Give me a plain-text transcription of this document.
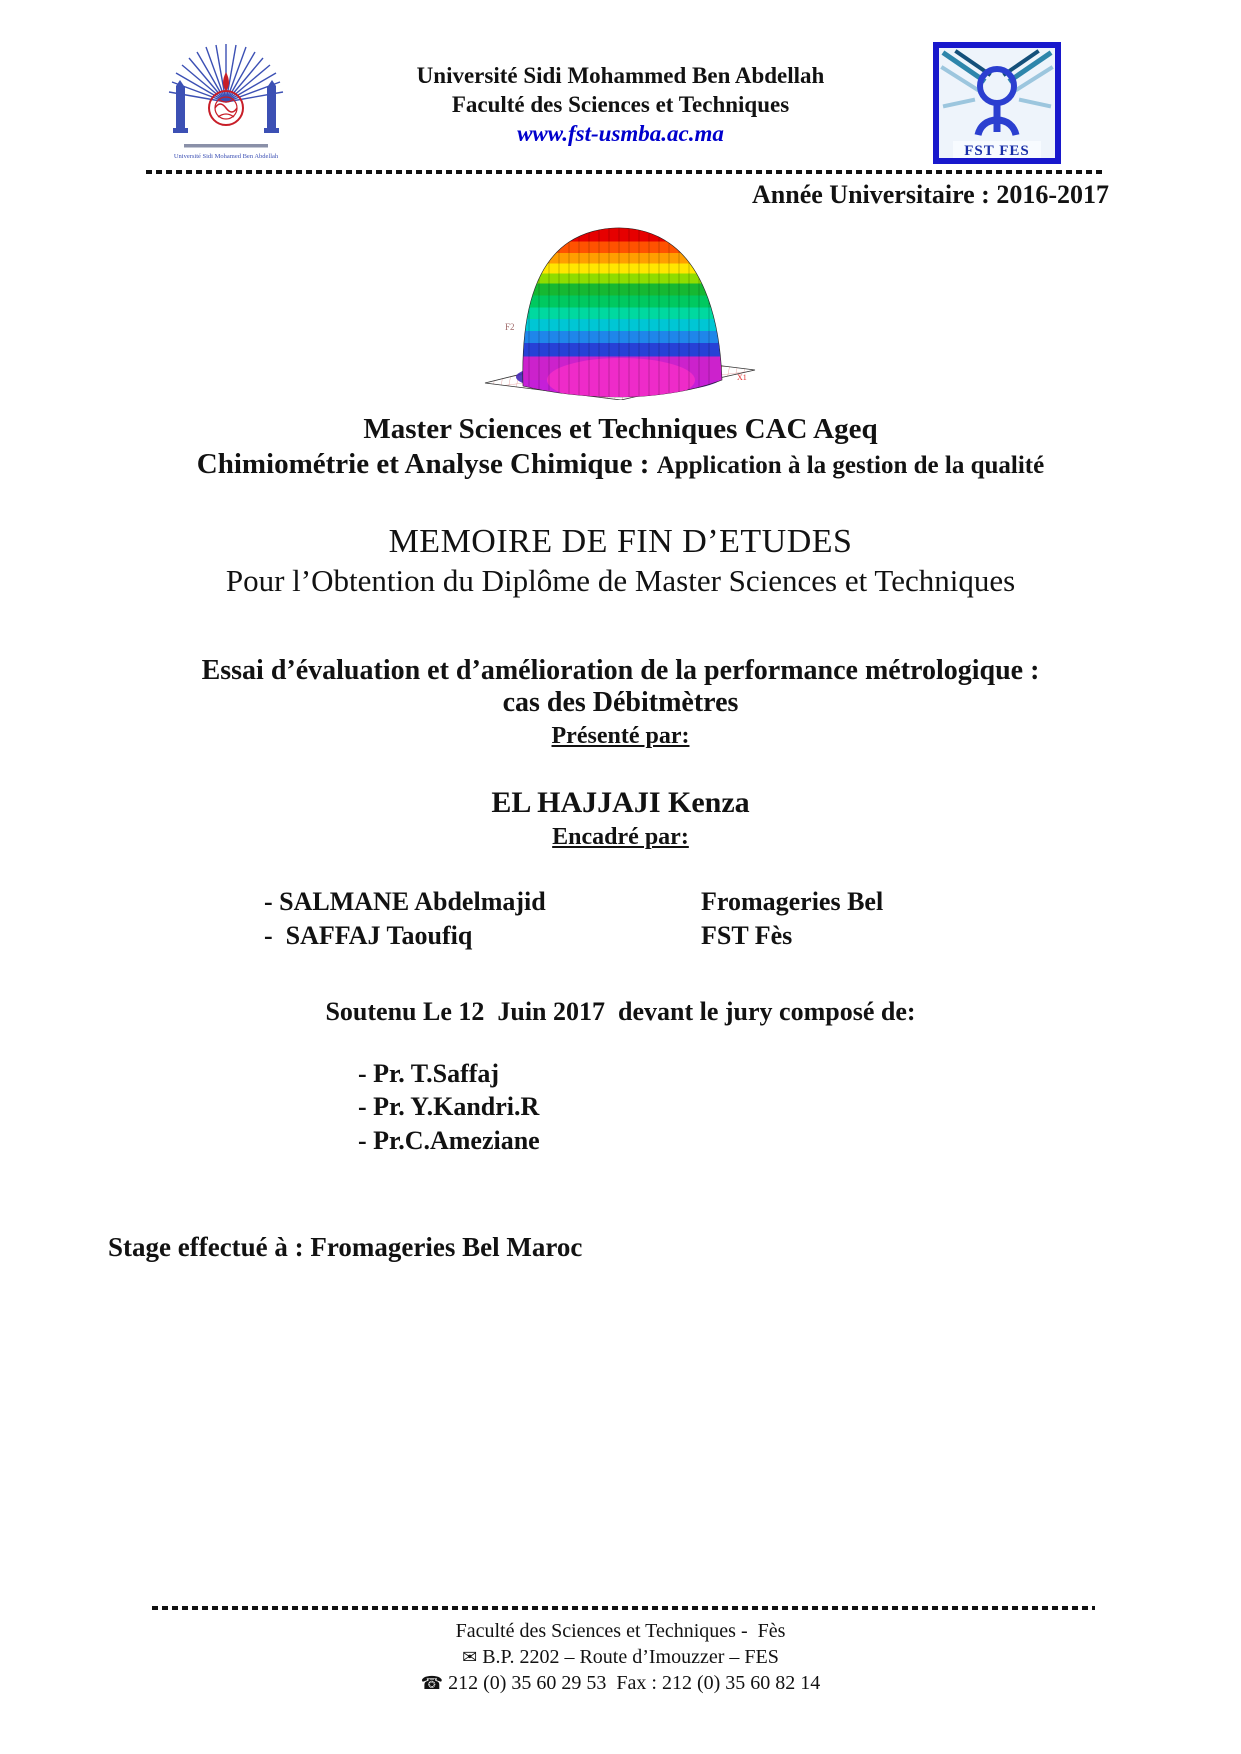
Université Sidi Mohamed Ben Abdellah
Université Sidi Mohammed Ben Abdellah
Faculté des Sciences et Techniques
www.fst-usmba.ac.ma
FST FES
Année Universitaire : 2016-2017
F2
X1
Master Sciences et Techniques CAC Ageq
Chimiométrie et Analyse Chimique : Application à la gestion de la qualité
MEMOIRE DE FIN D’ETUDES
Pour l’Obtention du Diplôme de Master Sciences et Techniques
Essai d’évaluation et d’amélioration de la performance métrologique :
cas des Débitmètres
Présenté par:
EL HAJJAJI Kenza
Encadré par:
- SALMANE Abdelmajid	Fromageries Bel
-  SAFFAJ Taoufiq	FST Fès
Soutenu Le 12  Juin 2017  devant le jury composé de:
- Pr. T.Saffaj
- Pr. Y.Kandri.R
- Pr.C.Ameziane
Stage effectué à : Fromageries Bel Maroc
Faculté des Sciences et Techniques -  Fès
✉ B.P. 2202 – Route d’Imouzzer – FES
☎ 212 (0) 35 60 29 53  Fax : 212 (0) 35 60 82 14
